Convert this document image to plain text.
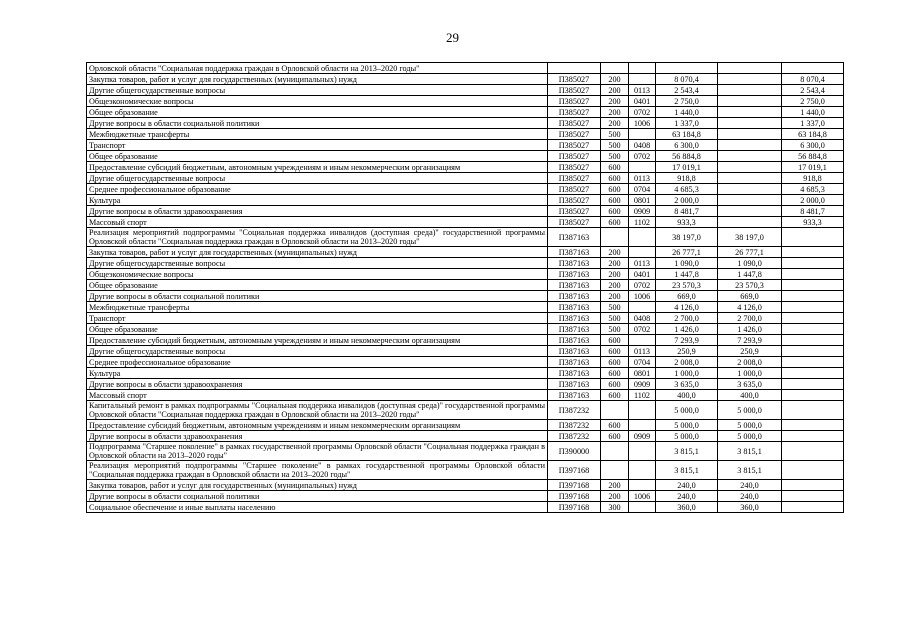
29
Орловской области "Социальная поддержка граждан в Орловской области на 2013–2020 годы"						
Закупка товаров, работ и услуг для государственных (муниципальных) нужд	П385027	200		8 070,4		8 070,4
Другие общегосударственные вопросы	П385027	200	0113	2 543,4		2 543,4
Общеэкономические вопросы	П385027	200	0401	2 750,0		2 750,0
Общее образование	П385027	200	0702	1 440,0		1 440,0
Другие вопросы в области социальной политики	П385027	200	1006	1 337,0		1 337,0
Межбюджетные трансферты	П385027	500		63 184,8		63 184,8
Транспорт	П385027	500	0408	6 300,0		6 300,0
Общее образование	П385027	500	0702	56 884,8		56 884,8
Предоставление субсидий бюджетным, автономным учреждениям и иным некоммерческим организациям	П385027	600		17 019,1		17 019,1
Другие общегосударственные вопросы	П385027	600	0113	918,8		918,8
Среднее профессиональное образование	П385027	600	0704	4 685,3		4 685,3
Культура	П385027	600	0801	2 000,0		2 000,0
Другие вопросы в области здравоохранения	П385027	600	0909	8 481,7		8 481,7
Массовый спорт	П385027	600	1102	933,3		933,3
Реализация мероприятий подпрограммы "Социальная поддержка инвалидов (доступная среда)" государственной программы Орловской области "Социальная поддержка граждан в Орловской области на 2013–2020 годы"	П387163			38 197,0	38 197,0	
Закупка товаров, работ и услуг для государственных (муниципальных) нужд	П387163	200		26 777,1	26 777,1	
Другие общегосударственные вопросы	П387163	200	0113	1 090,0	1 090,0	
Общеэкономические вопросы	П387163	200	0401	1 447,8	1 447,8	
Общее образование	П387163	200	0702	23 570,3	23 570,3	
Другие вопросы в области социальной политики	П387163	200	1006	669,0	669,0	
Межбюджетные трансферты	П387163	500		4 126,0	4 126,0	
Транспорт	П387163	500	0408	2 700,0	2 700,0	
Общее образование	П387163	500	0702	1 426,0	1 426,0	
Предоставление субсидий бюджетным, автономным учреждениям и иным некоммерческим организациям	П387163	600		7 293,9	7 293,9	
Другие общегосударственные вопросы	П387163	600	0113	250,9	250,9	
Среднее профессиональное образование	П387163	600	0704	2 008,0	2 008,0	
Культура	П387163	600	0801	1 000,0	1 000,0	
Другие вопросы в области здравоохранения	П387163	600	0909	3 635,0	3 635,0	
Массовый спорт	П387163	600	1102	400,0	400,0	
Капитальный ремонт в рамках подпрограммы "Социальная поддержка инвалидов (доступная среда)" государственной программы Орловской области "Социальная поддержка граждан в Орловской области на 2013–2020 годы"	П387232			5 000,0	5 000,0	
Предоставление субсидий бюджетным, автономным учреждениям и иным некоммерческим организациям	П387232	600		5 000,0	5 000,0	
Другие вопросы в области здравоохранения	П387232	600	0909	5 000,0	5 000,0	
Подпрограмма "Старшее поколение" в рамках государственной программы Орловской области "Социальная поддержка граждан в Орловской области на 2013–2020 годы"	П390000			3 815,1	3 815,1	
Реализация мероприятий подпрограммы "Старшее поколение" в рамках государственной программы Орловской области "Социальная поддержка граждан в Орловской области на 2013–2020 годы"	П397168			3 815,1	3 815,1	
Закупка товаров, работ и услуг для государственных (муниципальных) нужд	П397168	200		240,0	240,0	
Другие вопросы в области социальной политики	П397168	200	1006	240,0	240,0	
Социальное обеспечение и иные выплаты населению	П397168	300		360,0	360,0	
